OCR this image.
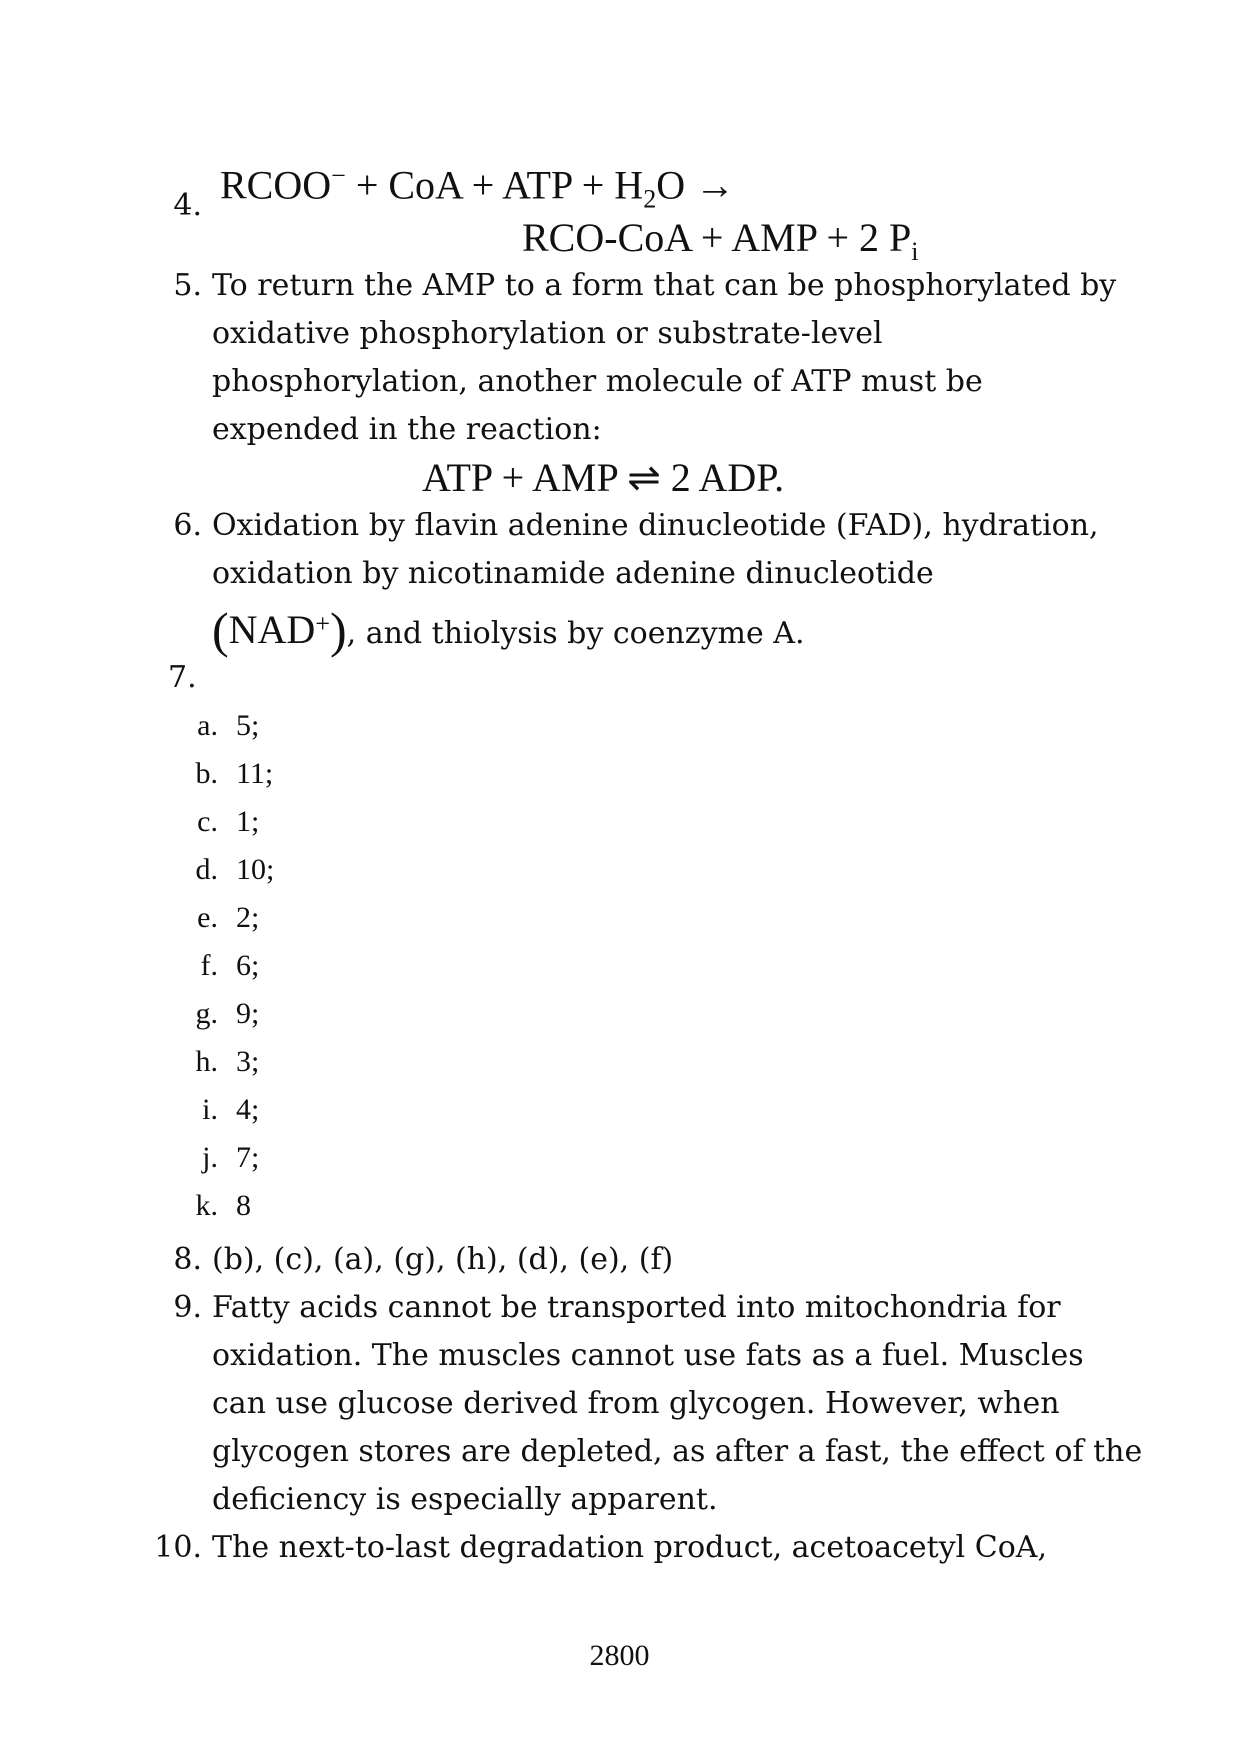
4. RCOO− + CoA + ATP + $H_2O$ →
RCO-CoA + AMP + 2 $P_i$
5. To return the AMP to a form that can be phosphorylated by
oxidative phosphorylation or substrate-level
phosphorylation, another molecule of ATP must be
expended in the reaction:
ATP + AMP ⇌ 2 ADP.
6. Oxidation by flavin adenine dinucleotide (FAD), hydration,
oxidation by nicotinamide adenine dinucleotide
(NAD+), and thiolysis by coenzyme A.
7.
a. 5;
b. 11;
c. 1;
d. 10;
e. 2;
f. 6;
g. 9;
h. 3;
i. 4;
j. 7;
k. 8
8. (b), (c), (a), (g), (h), (d), (e), (f)
9. Fatty acids cannot be transported into mitochondria for
oxidation. The muscles cannot use fats as a fuel. Muscles
can use glucose derived from glycogen. However, when
glycogen stores are depleted, as after a fast, the effect of the
deficiency is especially apparent.
10. The next-to-last degradation product, acetoacetyl CoA,
2800
